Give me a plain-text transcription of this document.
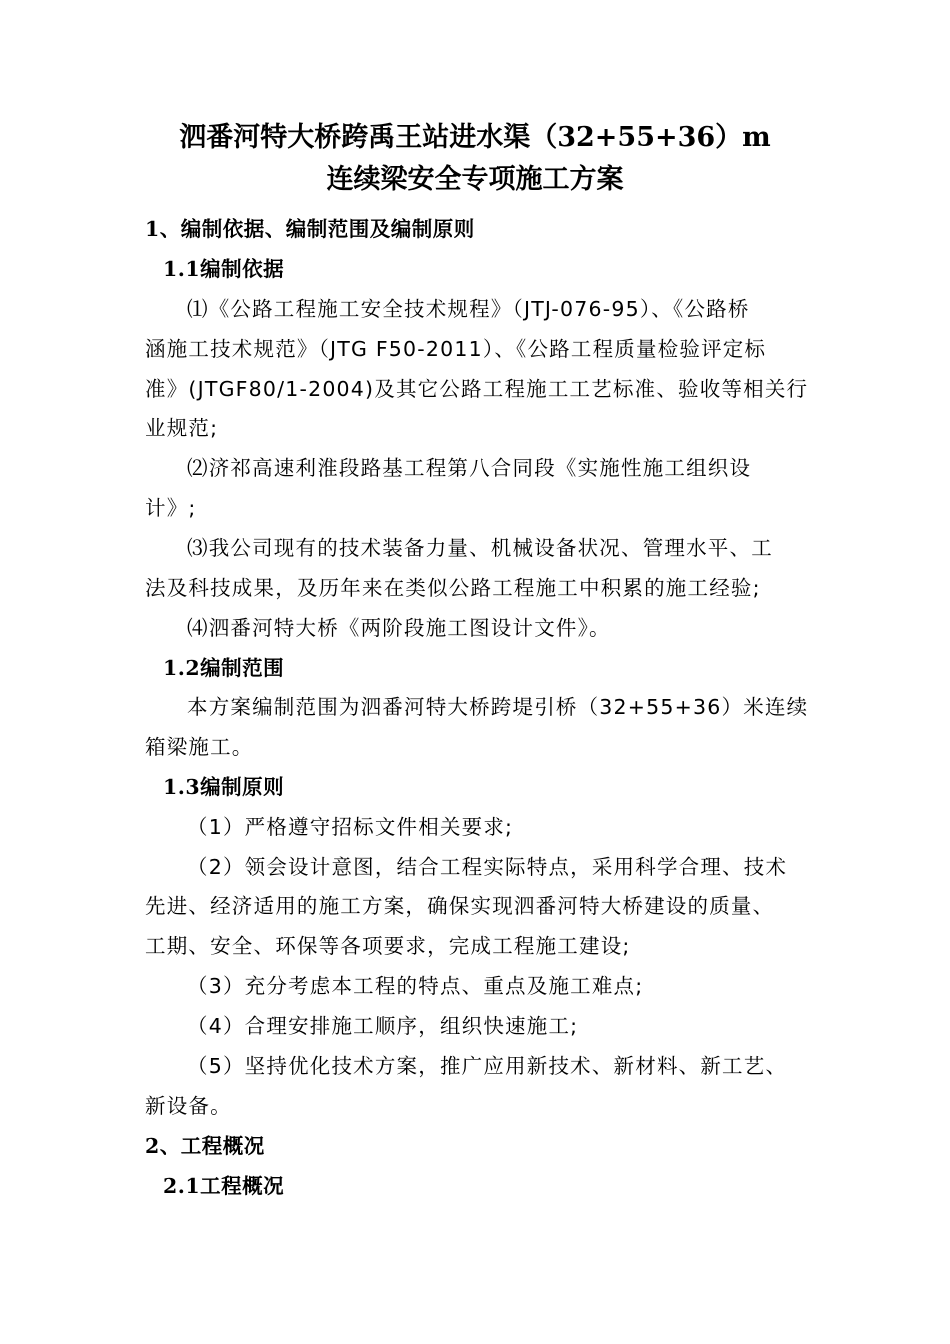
泗番河特大桥跨禹王站进水渠（32+55+36）m
连续梁安全专项施工方案
1、编制依据、编制范围及编制原则
1.1编制依据
⑴《公路工程施工安全技术规程》（JTJ-076-95）、《公路桥
涵施工技术规范》（JTG F50-2011）、《公路工程质量检验评定标
准》(JTGF80/1-2004)及其它公路工程施工工艺标准、验收等相关行
业规范;
⑵济祁高速利淮段路基工程第八合同段《实施性施工组织设
计》;
⑶我公司现有的技术装备力量、机械设备状况、管理水平、工
法及科技成果，及历年来在类似公路工程施工中积累的施工经验;
⑷泗番河特大桥《两阶段施工图设计文件》。
1.2编制范围
本方案编制范围为泗番河特大桥跨堤引桥（32+55+36）米连续
箱梁施工。
1.3编制原则
（1）严格遵守招标文件相关要求;
（2）领会设计意图，结合工程实际特点，采用科学合理、技术
先进、经济适用的施工方案，确保实现泗番河特大桥建设的质量、
工期、安全、环保等各项要求，完成工程施工建设;
（3）充分考虑本工程的特点、重点及施工难点;
（4）合理安排施工顺序，组织快速施工;
（5）坚持优化技术方案，推广应用新技术、新材料、新工艺、
新设备。
2、工程概况
2.1工程概况
